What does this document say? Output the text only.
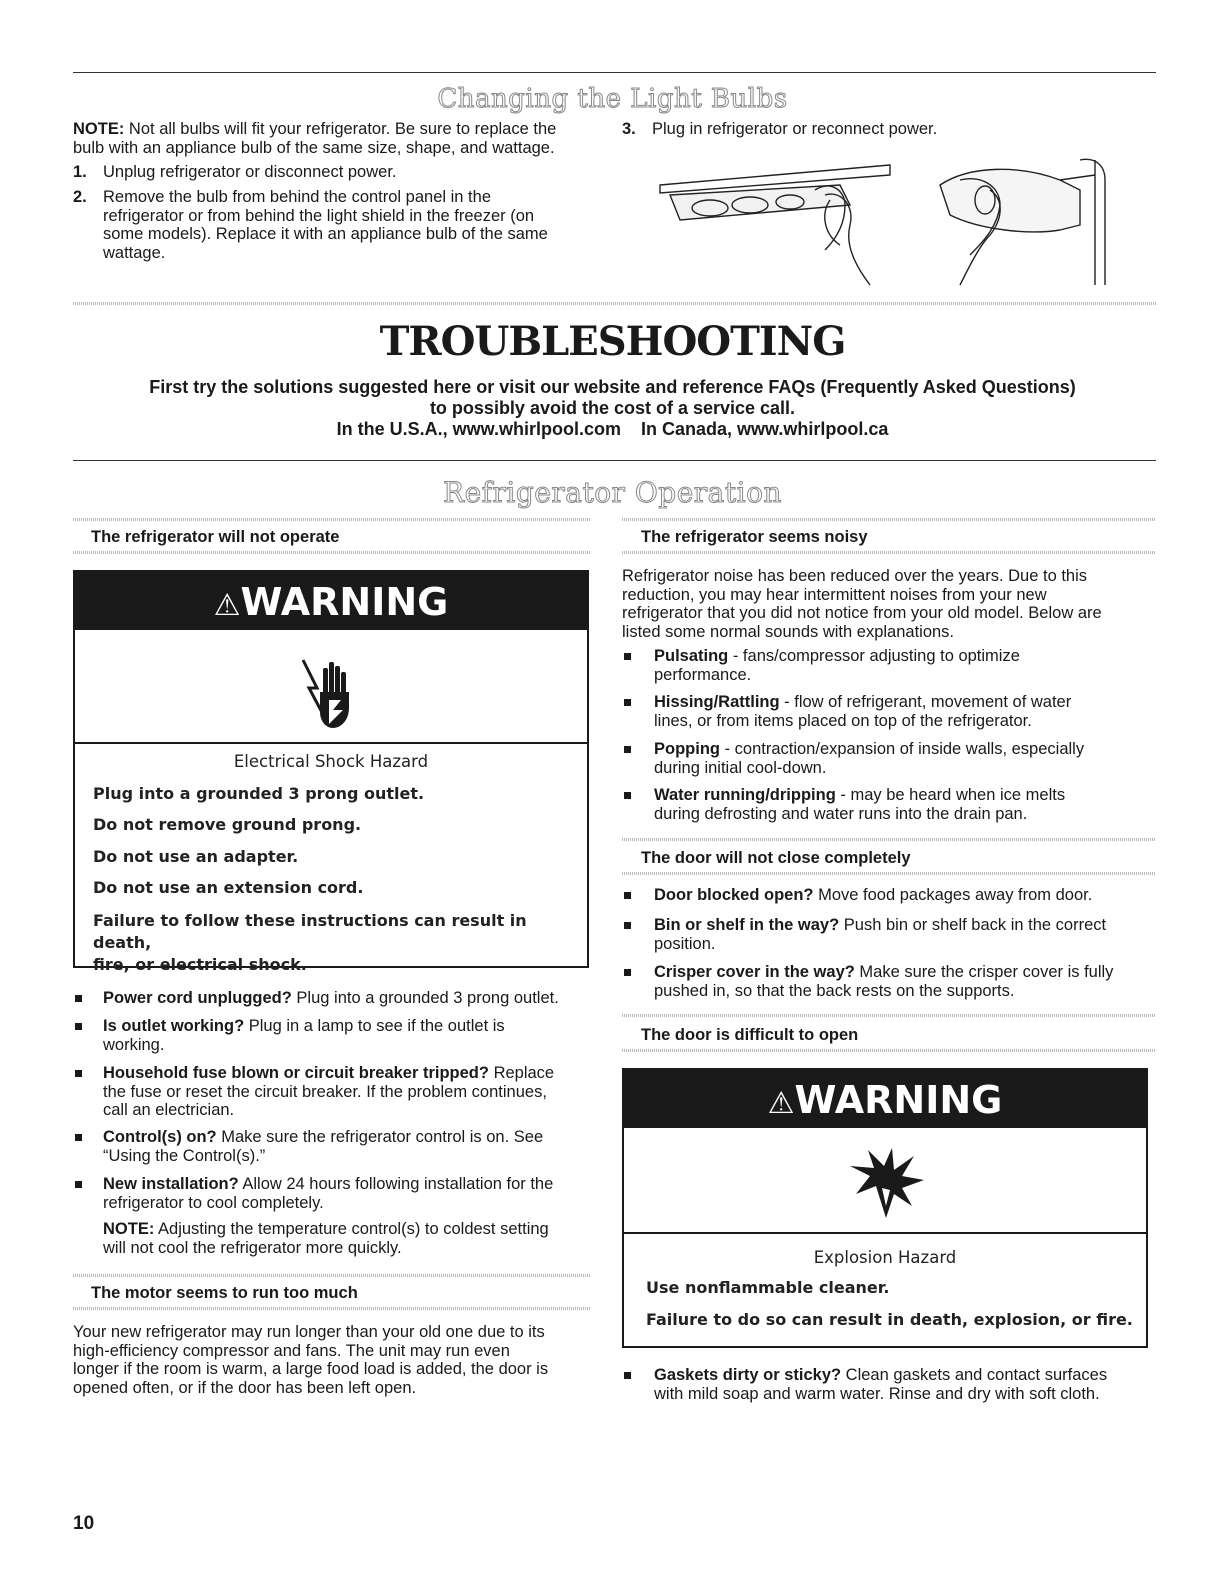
Changing the Light Bulbs
NOTE: Not all bulbs will fit your refrigerator. Be sure to replace the
bulb with an appliance bulb of the same size, shape, and wattage.
1. Unplug refrigerator or disconnect power.
2. Remove the bulb from behind the control panel in the
refrigerator or from behind the light shield in the freezer (on
some models). Replace it with an appliance bulb of the same
wattage.
3. Plug in refrigerator or reconnect power.
TROUBLESHOOTING
First try the solutions suggested here or visit our website and reference FAQs (Frequently Asked Questions)
to possibly avoid the cost of a service call.
In the U.S.A., www.whirlpool.com    In Canada, www.whirlpool.ca
Refrigerator Operation
The refrigerator will not operate
⚠WARNING
Electrical Shock Hazard
Plug into a grounded 3 prong outlet.
Do not remove ground prong.
Do not use an adapter.
Do not use an extension cord.
Failure to follow these instructions can result in death,
fire, or electrical shock.
Power cord unplugged? Plug into a grounded 3 prong outlet.
Is outlet working? Plug in a lamp to see if the outlet is
working.
Household fuse blown or circuit breaker tripped? Replace
the fuse or reset the circuit breaker. If the problem continues,
call an electrician.
Control(s) on? Make sure the refrigerator control is on. See
“Using the Control(s).”
New installation? Allow 24 hours following installation for the
refrigerator to cool completely.
NOTE: Adjusting the temperature control(s) to coldest setting
will not cool the refrigerator more quickly.
The motor seems to run too much
Your new refrigerator may run longer than your old one due to its
high-efficiency compressor and fans. The unit may run even
longer if the room is warm, a large food load is added, the door is
opened often, or if the door has been left open.
10
The refrigerator seems noisy
Refrigerator noise has been reduced over the years. Due to this
reduction, you may hear intermittent noises from your new
refrigerator that you did not notice from your old model. Below are
listed some normal sounds with explanations.
Pulsating - fans/compressor adjusting to optimize
performance.
Hissing/Rattling - flow of refrigerant, movement of water
lines, or from items placed on top of the refrigerator.
Popping - contraction/expansion of inside walls, especially
during initial cool-down.
Water running/dripping - may be heard when ice melts
during defrosting and water runs into the drain pan.
The door will not close completely
Door blocked open? Move food packages away from door.
Bin or shelf in the way? Push bin or shelf back in the correct
position.
Crisper cover in the way? Make sure the crisper cover is fully
pushed in, so that the back rests on the supports.
The door is difficult to open
⚠WARNING
Explosion Hazard
Use nonflammable cleaner.
Failure to do so can result in death, explosion, or fire.
Gaskets dirty or sticky? Clean gaskets and contact surfaces
with mild soap and warm water. Rinse and dry with soft cloth.
